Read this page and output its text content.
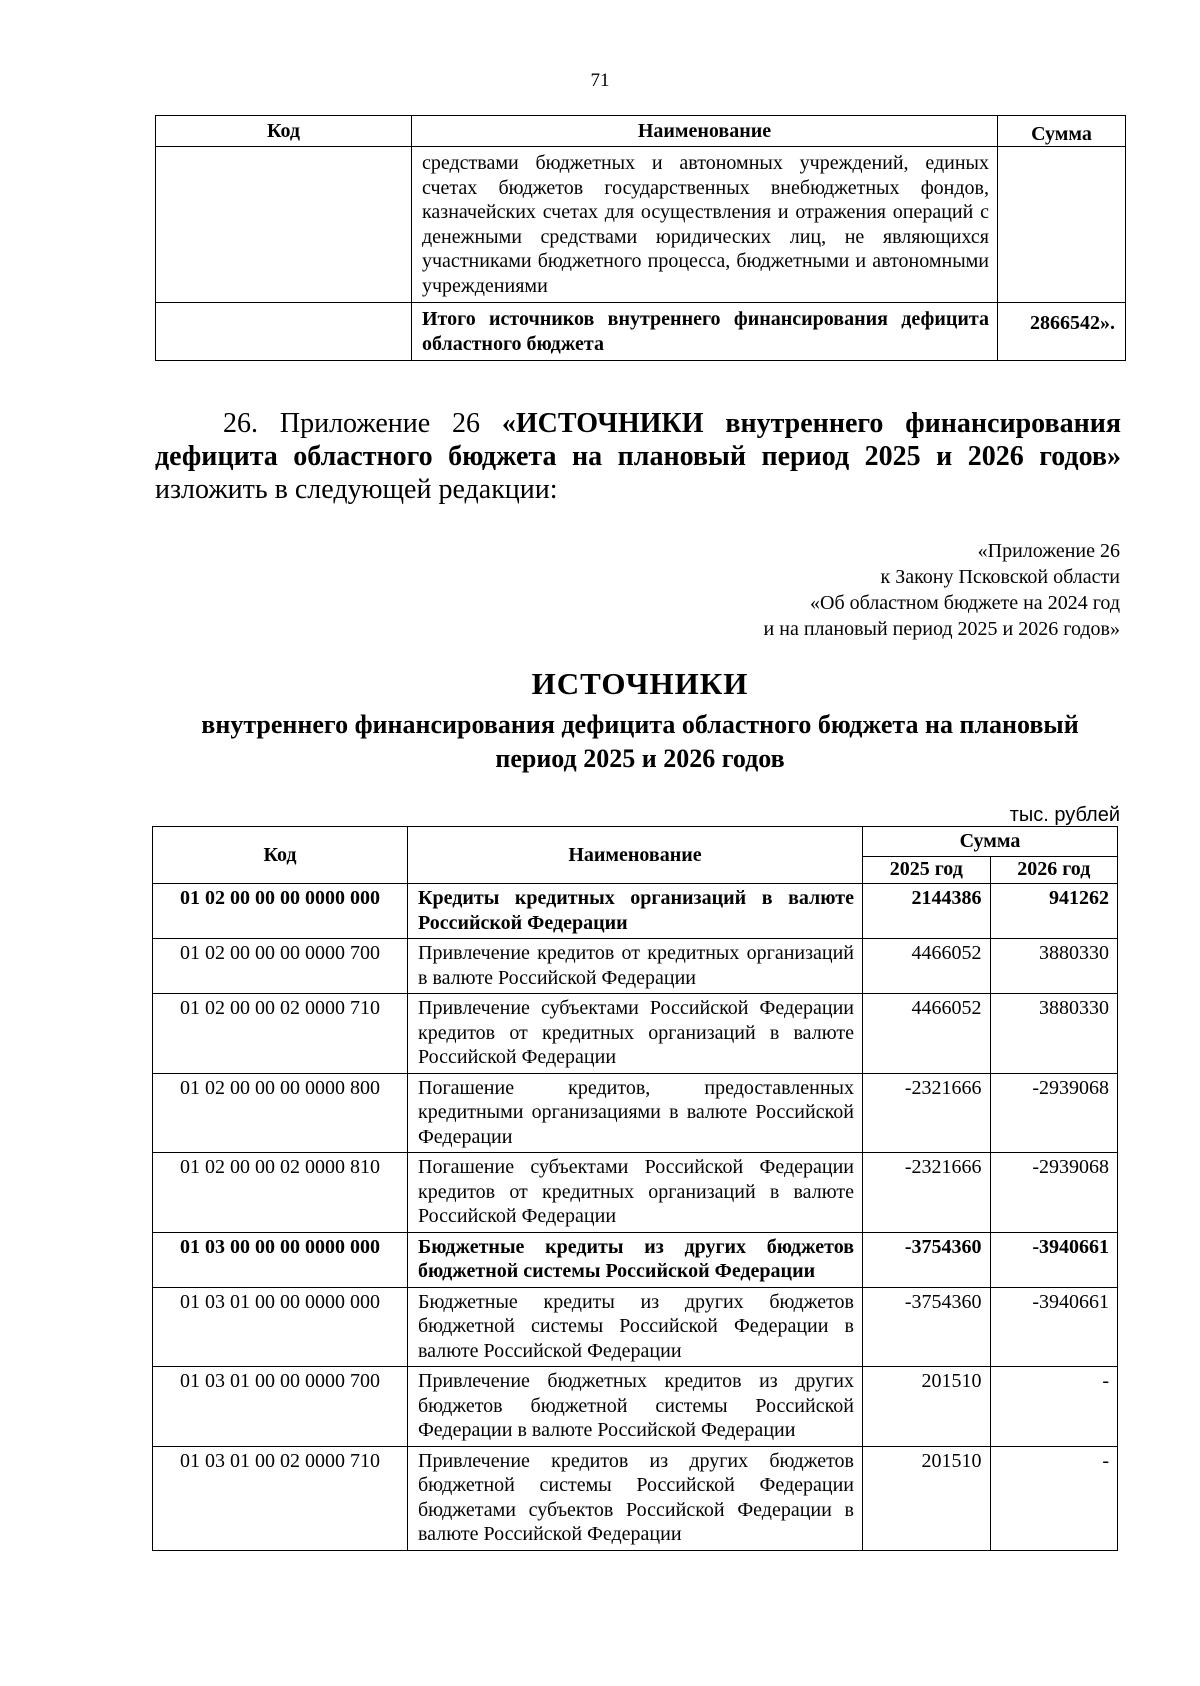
71
Код	Наименование	Сумма
	средствами бюджетных и автономных учреждений, единых счетах бюджетов государственных внебюджетных фондов, казначейских счетах для осуществления и отражения операций с денежными средствами юридических лиц, не являющихся участниками бюджетного процесса, бюджетными и автономными учреждениями	
	Итого источников внутреннего финансирования дефицита областного бюджета	2866542».
26. Приложение 26 «ИСТОЧНИКИ внутреннего финансирования дефицита областного бюджета на плановый период 2025 и 2026 годов» изложить в следующей редакции:
«Приложение 26
к Закону Псковской области
«Об областном бюджете на 2024 год
и на плановый период 2025 и 2026 годов»
ИСТОЧНИКИ
внутреннего финансирования дефицита областного бюджета на плановый
период 2025 и 2026 годов
тыс. рублей
Код	Наименование	Сумма	
		2025 год	2026 год
01 02 00 00 00 0000 000	Кредиты кредитных организаций в валюте Российской Федерации	2144386	941262
01 02 00 00 00 0000 700	Привлечение кредитов от кредитных организаций в валюте Российской Федерации	4466052	3880330
01 02 00 00 02 0000 710	Привлечение субъектами Российской Федерации кредитов от кредитных организаций в валюте Российской Федерации	4466052	3880330
01 02 00 00 00 0000 800	Погашение кредитов, предоставленных кредитными организациями в валюте Российской Федерации	-2321666	-2939068
01 02 00 00 02 0000 810	Погашение субъектами Российской Федерации кредитов от кредитных организаций в валюте Российской Федерации	-2321666	-2939068
01 03 00 00 00 0000 000	Бюджетные кредиты из других бюджетов бюджетной системы Российской Федерации	-3754360	-3940661
01 03 01 00 00 0000 000	Бюджетные кредиты из других бюджетов бюджетной системы Российской Федерации в валюте Российской Федерации	-3754360	-3940661
01 03 01 00 00 0000 700	Привлечение бюджетных кредитов из других бюджетов бюджетной системы Российской Федерации в валюте Российской Федерации	201510	-
01 03 01 00 02 0000 710	Привлечение кредитов из других бюджетов бюджетной системы Российской Федерации бюджетами субъектов Российской Федерации в валюте Российской Федерации	201510	-
